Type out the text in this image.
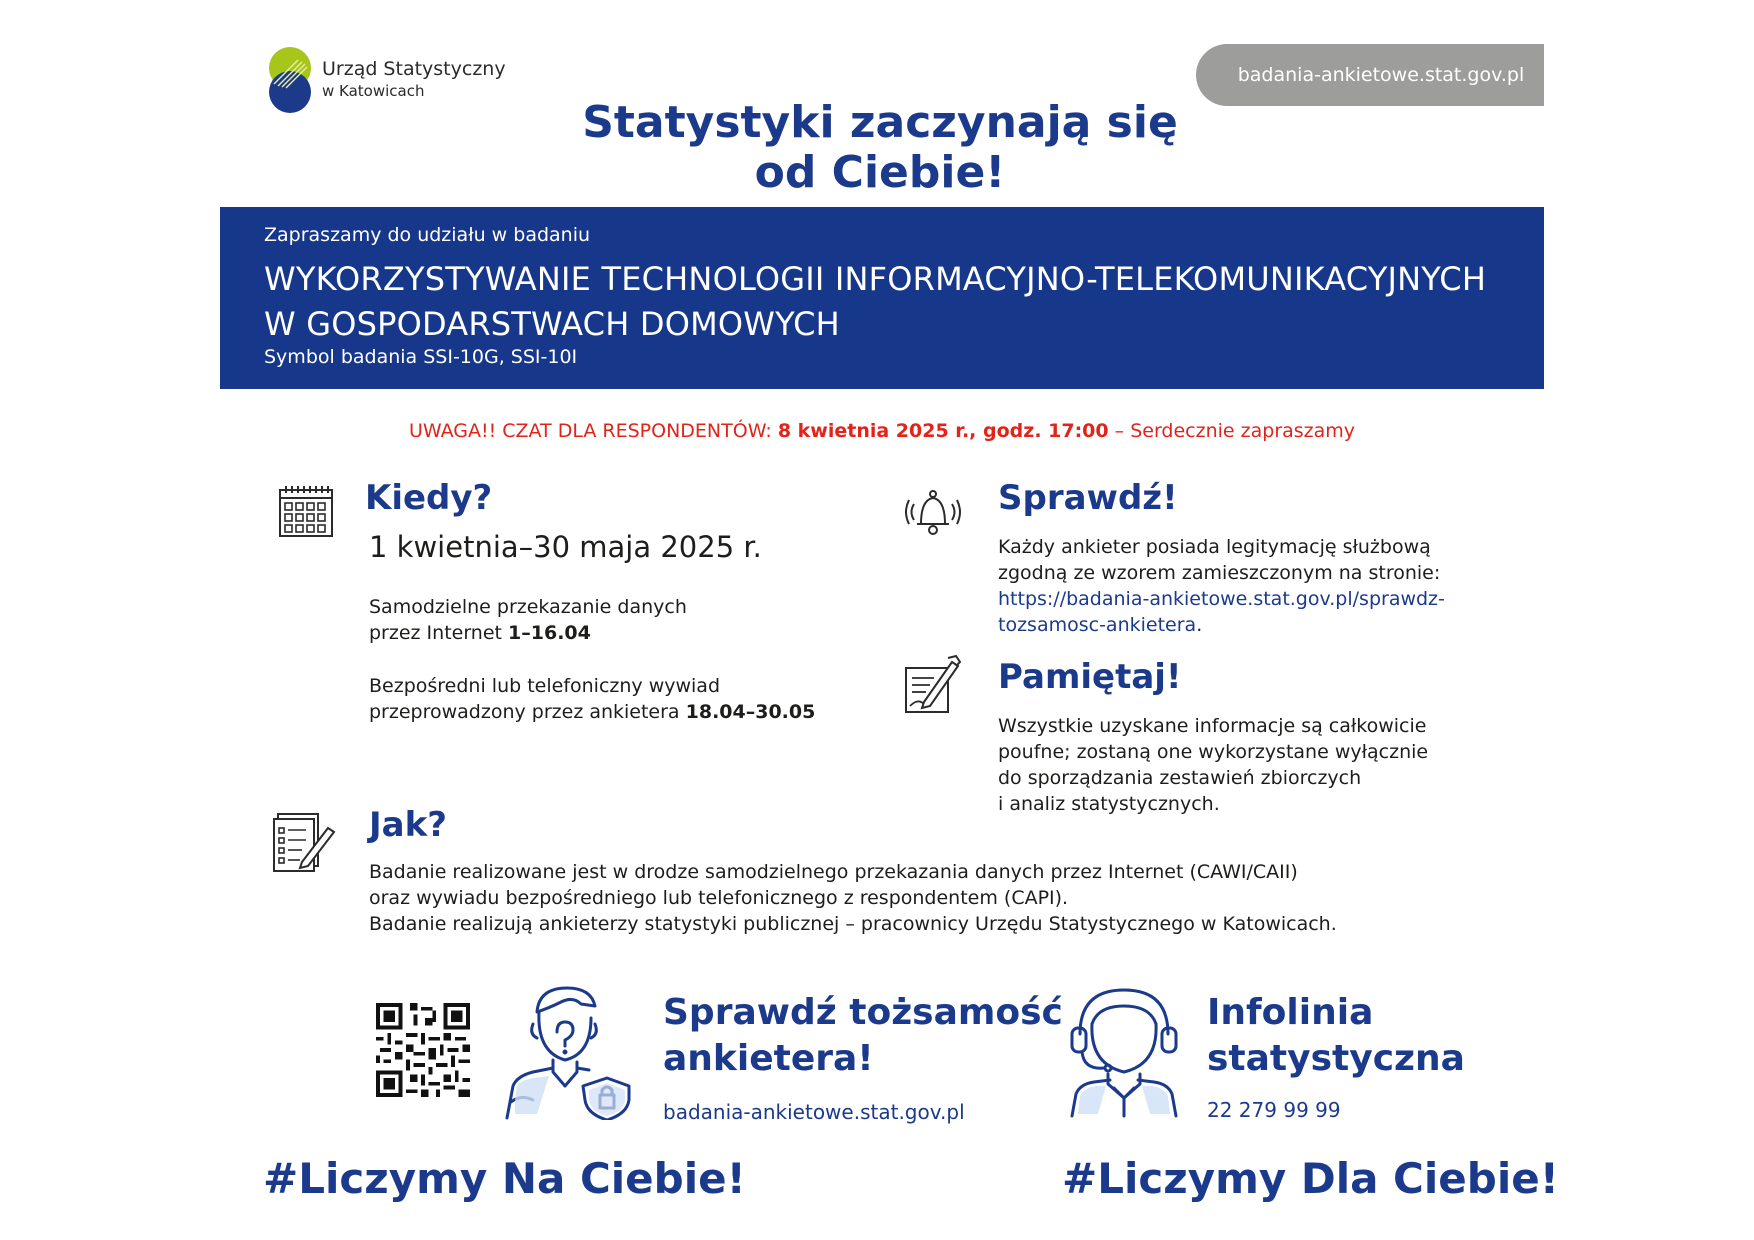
Urząd Statystyczny
w Katowicach
badania-ankietowe.stat.gov.pl
Statystyki zaczynają się
od Ciebie!
Zapraszamy do udziału w badaniu
WYKORZYSTYWANIE TECHNOLOGII INFORMACYJNO-TELEKOMUNIKACYJNYCH
W GOSPODARSTWACH DOMOWYCH
Symbol badania SSI-10G, SSI-10I
UWAGA!! CZAT DLA RESPONDENTÓW: 8 kwietnia 2025 r., godz. 17:00 – Serdecznie zapraszamy
Kiedy?
1 kwietnia–30 maja 2025 r.
Samodzielne przekazanie danych
przez Internet 1–16.04
Bezpośredni lub telefoniczny wywiad
przeprowadzony przez ankietera 18.04–30.05
Sprawdź!
Każdy ankieter posiada legitymację służbową
zgodną ze wzorem zamieszczonym na stronie:
https://badania-ankietowe.stat.gov.pl/sprawdz-
tozsamosc-ankietera.
Pamiętaj!
Wszystkie uzyskane informacje są całkowicie
poufne; zostaną one wykorzystane wyłącznie
do sporządzania zestawień zbiorczych
i analiz statystycznych.
Jak?
Badanie realizowane jest w drodze samodzielnego przekazania danych przez Internet (CAWI/CAII)
oraz wywiadu bezpośredniego lub telefonicznego z respondentem (CAPI).
Badanie realizują ankieterzy statystyki publicznej – pracownicy Urzędu Statystycznego w Katowicach.
Sprawdź tożsamość
ankietera!
badania-ankietowe.stat.gov.pl
Infolinia
statystyczna
22 279 99 99
#Liczymy Na Ciebie!	#Liczymy Dla Ciebie!
